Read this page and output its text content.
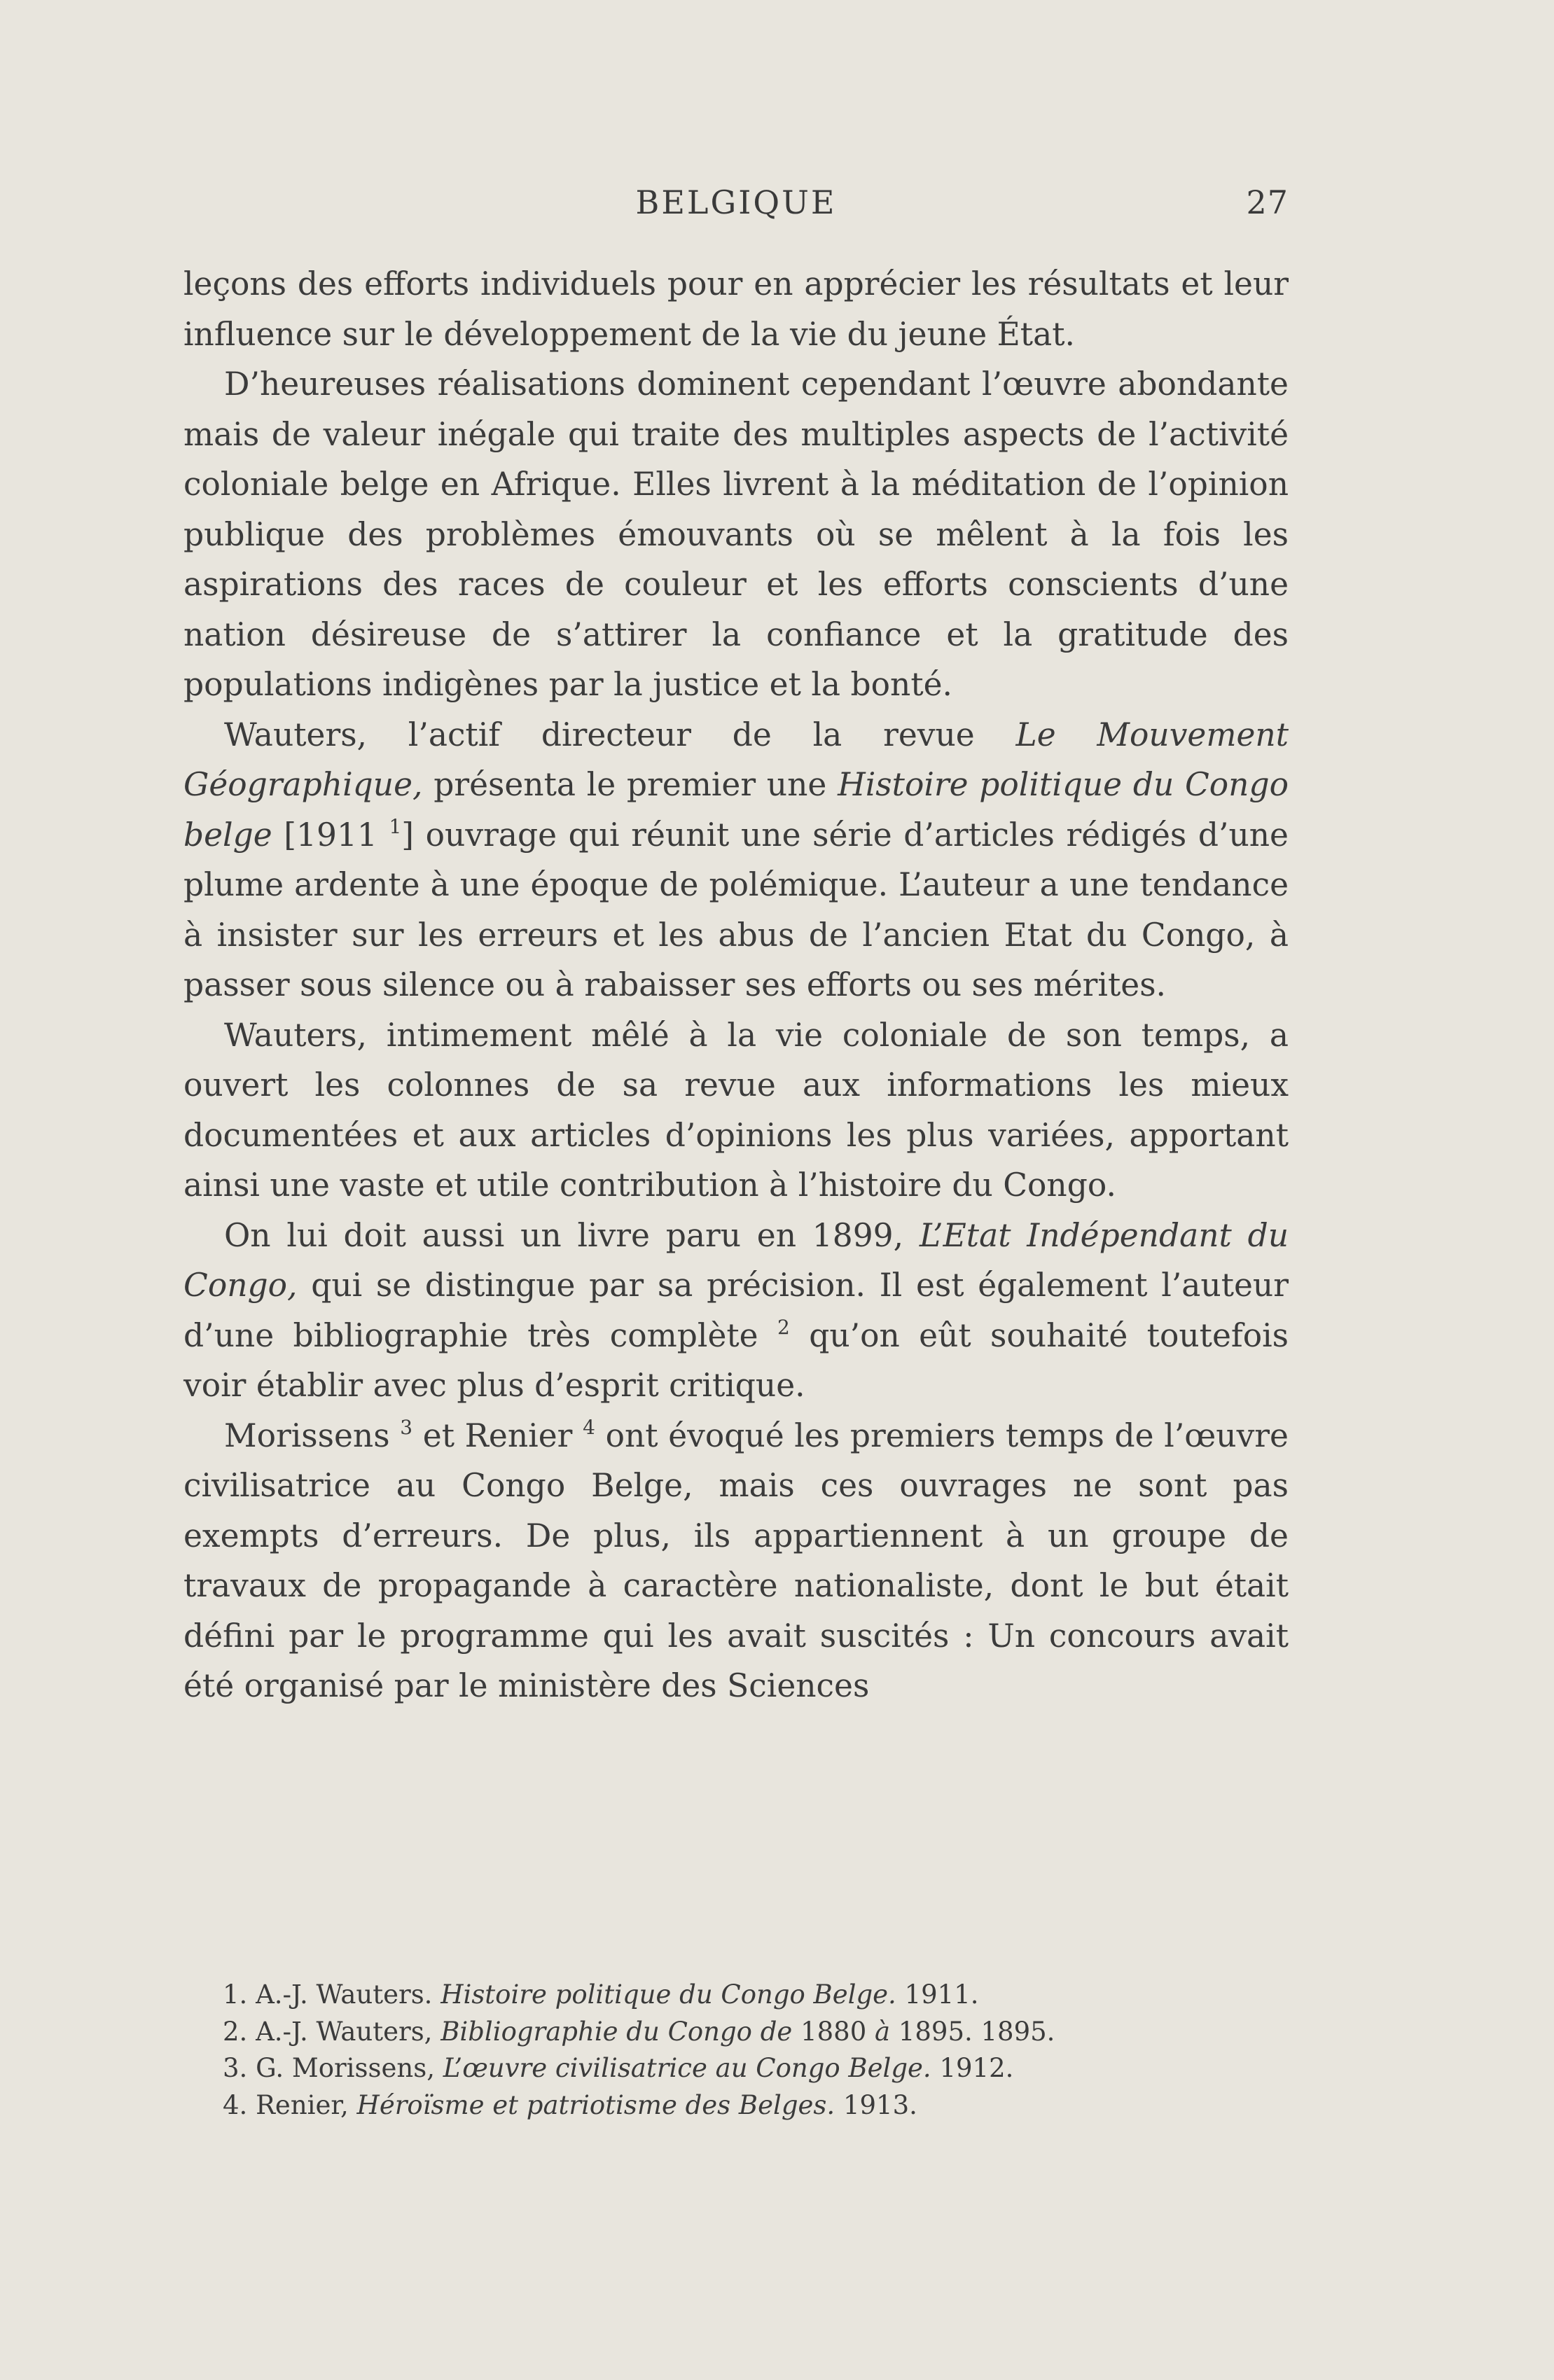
BELGIQUE	27

leçons des efforts individuels pour en apprécier les résultats et leur influence sur le développement de la vie du jeune État.

D’heureuses réalisations dominent cependant l’œuvre abondante mais de valeur inégale qui traite des multiples aspects de l’activité coloniale belge en Afrique. Elles livrent à la méditation de l’opinion publique des problèmes émouvants où se mêlent à la fois les aspirations des races de couleur et les efforts conscients d’une nation désireuse de s’attirer la confiance et la gratitude des populations indigènes par la justice et la bonté.

Wauters, l’actif directeur de la revue Le Mouvement Géographique, présenta le premier une Histoire politique du Congo belge [1911 $^1$] ouvrage qui réunit une série d’articles rédigés d’une plume ardente à une époque de polémique. L’auteur a une tendance à insister sur les erreurs et les abus de l’ancien Etat du Congo, à passer sous silence ou à rabaisser ses efforts ou ses mérites.

Wauters, intimement mêlé à la vie coloniale de son temps, a ouvert les colonnes de sa revue aux informations les mieux documentées et aux articles d’opinions les plus variées, apportant ainsi une vaste et utile contribution à l’histoire du Congo.

On lui doit aussi un livre paru en 1899, L’Etat Indépendant du Congo, qui se distingue par sa précision. Il est également l’auteur d’une bibliographie très complète $^2$ qu’on eût souhaité toutefois voir établir avec plus d’esprit critique.

Morissens $^3$ et Renier $^4$ ont évoqué les premiers temps de l’œuvre civilisatrice au Congo Belge, mais ces ouvrages ne sont pas exempts d’erreurs. De plus, ils appartiennent à un groupe de travaux de propagande à caractère nationaliste, dont le but était défini par le programme qui les avait suscités : Un concours avait été organisé par le ministère des Sciences

1. A.-J. Wauters. Histoire politique du Congo Belge. 1911.
2. A.-J. Wauters, Bibliographie du Congo de 1880 à 1895. 1895.
3. G. Morissens, L’œuvre civilisatrice au Congo Belge. 1912.
4. Renier, Héroïsme et patriotisme des Belges. 1913.
